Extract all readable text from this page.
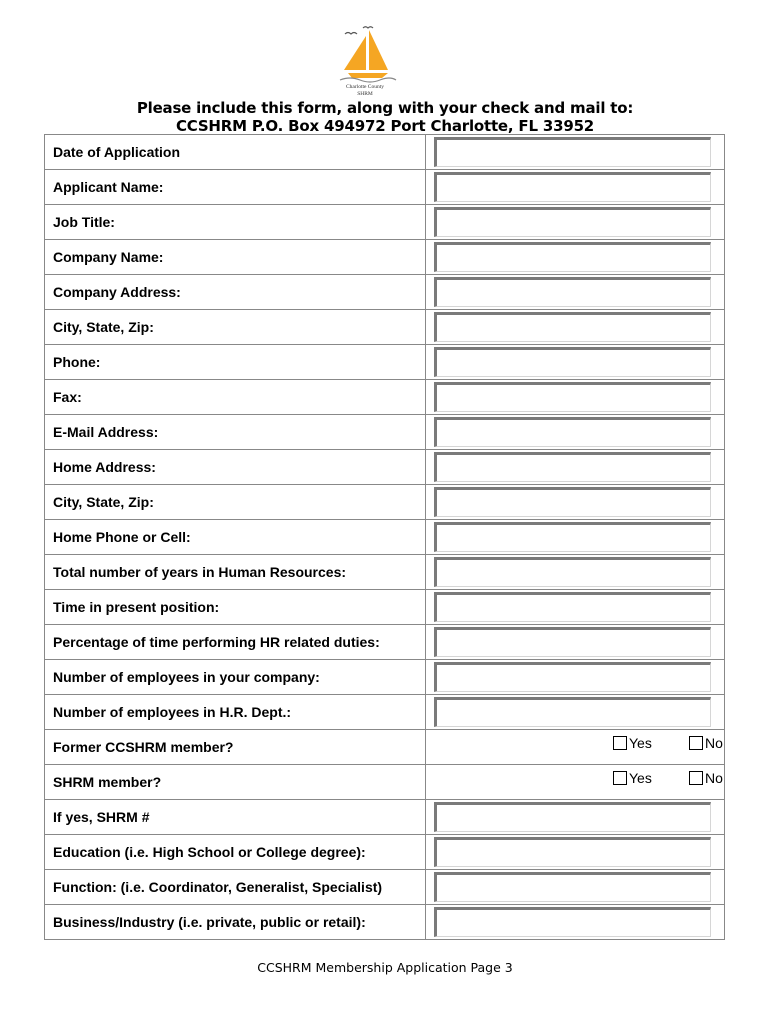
Charlotte County
SHRM
Please include this form, along with your check and mail to:
CCSHRM P.O. Box 494972 Port Charlotte, FL 33952
Date of Application	

Applicant Name:	

Job Title:	

Company Name:	

Company Address:	

City, State, Zip:	

Phone:	

Fax:	

E-Mail Address:	

Home Address:	

City, State, Zip:	

Home Phone or Cell:	

Total number of years in Human Resources:	

Time in present position:	

Percentage of time performing HR related duties:	

Number of employees in your company:	

Number of employees in H.R. Dept.:	

Former CCSHRM member?	Yes No

SHRM member?	Yes No

If yes, SHRM #	

Education (i.e. High School or College degree):	

Function: (i.e. Coordinator, Generalist, Specialist)	

Business/Industry (i.e. private, public or retail):	
CCSHRM Membership Application Page 3
